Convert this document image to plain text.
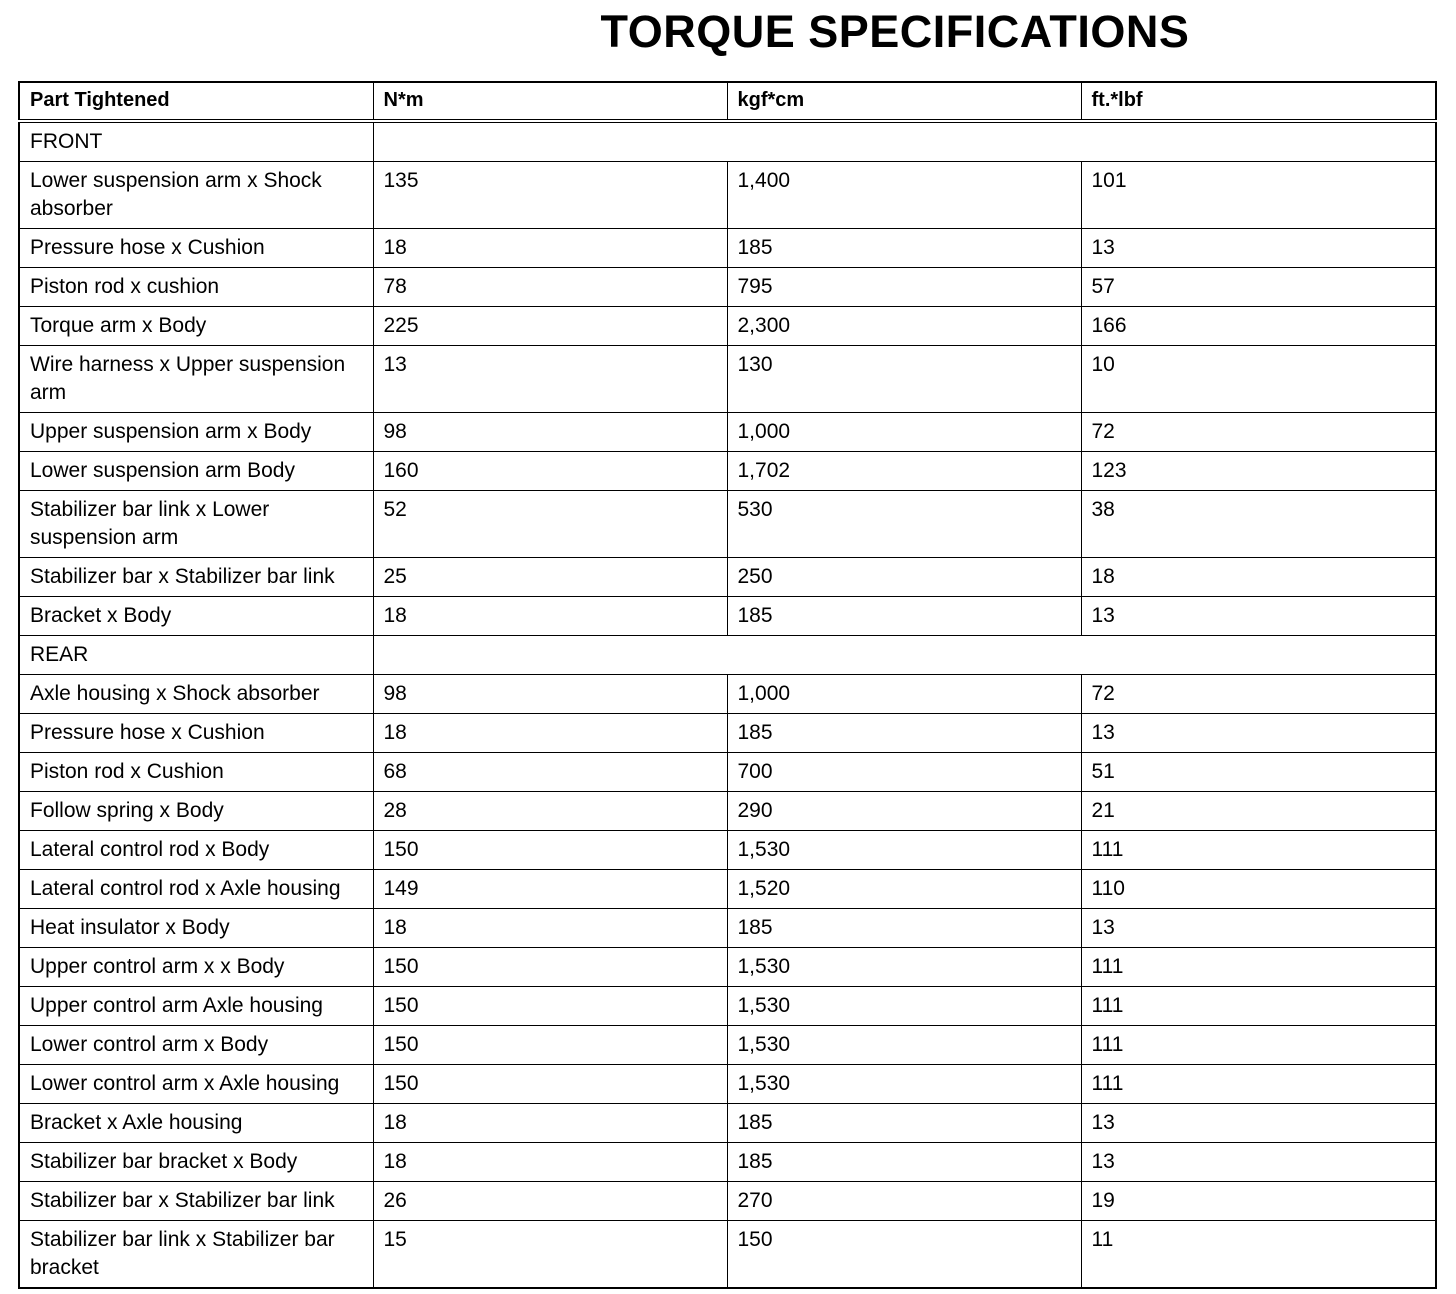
TORQUE SPECIFICATIONS
Part Tightened	N*m	kgf*cm	ft.*lbf
FRONT			
Lower suspension arm x Shock absorber	135	1,400	101
Pressure hose x Cushion	18	185	13
Piston rod x cushion	78	795	57
Torque arm x Body	225	2,300	166
Wire harness x Upper suspension arm	13	130	10
Upper suspension arm x Body	98	1,000	72
Lower suspension arm Body	160	1,702	123
Stabilizer bar link x Lower suspension arm	52	530	38
Stabilizer bar x Stabilizer bar link	25	250	18
Bracket x Body	18	185	13
REAR			
Axle housing x Shock absorber	98	1,000	72
Pressure hose x Cushion	18	185	13
Piston rod x Cushion	68	700	51
Follow spring x Body	28	290	21
Lateral control rod x Body	150	1,530	111
Lateral control rod x Axle housing	149	1,520	110
Heat insulator x Body	18	185	13
Upper control arm x x Body	150	1,530	111
Upper control arm Axle housing	150	1,530	111
Lower control arm x Body	150	1,530	111
Lower control arm x Axle housing	150	1,530	111
Bracket x Axle housing	18	185	13
Stabilizer bar bracket x Body	18	185	13
Stabilizer bar x Stabilizer bar link	26	270	19
Stabilizer bar link x Stabilizer bar bracket	15	150	11
